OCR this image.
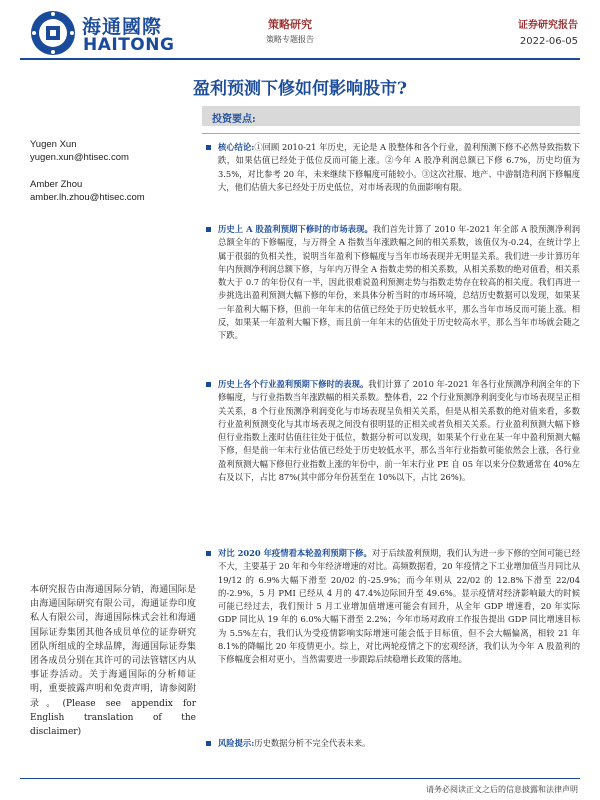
海通國際
HAITONG
策略研究
策略专题报告
证券研究报告
2022-06-05
盈利预测下修如何影响股市?
Yugen Xun
yugen.xun@htisec.com
Amber Zhou
amber.lh.zhou@htisec.com
投资要点:
核心结论:①回顾 2010-21 年历史，无论是 A 股整体和各个行业，盈利预测下修不必然导致指数下跌，如果估值已经处于低位反而可能上涨。②今年 A 股净利润总额已下修 6.7%，历史均值为 3.5%，对比参考 20 年，未来继续下修幅度可能较小。③这次社服、地产、中游制造利润下修幅度大，他们估值大多已经处于历史低位，对市场表现的负面影响有限。
历史上 A 股盈利预期下修时的市场表现。我们首先计算了 2010 年-2021 年全部 A 股预测净利润总额全年的下修幅度，与万得全 A 指数当年涨跌幅之间的相关系数，该值仅为-0.24，在统计学上属于很弱的负相关性，说明当年盈利下修幅度与当年市场表现并无明显关系。我们进一步计算历年年内预测净利润总额下修，与年内万得全 A 指数走势的相关系数，从相关系数的绝对值看，相关系数大于 0.7 的年份仅有一半，因此很难说盈利预测走势与指数走势存在较高的相关度。我们再进一步挑选出盈利预测大幅下修的年份，来具体分析当时的市场环境，总结历史数据可以发现，如果某一年盈利大幅下修，但前一年年末的估值已经处于历史较低水平，那么当年市场反而可能上涨。相反，如果某一年盈利大幅下修，而且前一年年末的估值处于历史较高水平，那么当年市场就会随之下跌。
历史上各个行业盈利预期下修时的表现。我们计算了 2010 年-2021 年各行业预测净利润全年的下修幅度，与行业指数当年涨跌幅的相关系数。整体看，22 个行业预测净利润变化与市场表现呈正相关关系，8 个行业预测净利润变化与市场表现呈负相关关系，但是从相关系数的绝对值来看，多数行业盈利预测变化与其市场表现之间没有很明显的正相关或者负相关关系。行业盈利预测大幅下修但行业指数上涨时估值往往处于低位，数据分析可以发现，如果某个行业在某一年中盈利预测大幅下修，但是前一年末行业估值已经处于历史较低水平，那么当年行业指数可能依然会上涨，各行业盈利预测大幅下修但行业指数上涨的年份中，前一年末行业 PE 自 05 年以来分位数通常在 40%左右及以下，占比 87%(其中部分年份甚至在 10%以下，占比 26%)。
对比 2020 年疫情看本轮盈利预期下修。对于后续盈利预期，我们认为进一步下修的空间可能已经不大，主要基于 20 年和今年经济增速的对比。高频数据看，20 年疫情之下工业增加值当月同比从 19/12 的 6.9%大幅下滑至 20/02 的-25.9%；而今年则从 22/02 的 12.8%下滑至 22/04 的-2.9%，5 月 PMI 已经从 4 月的 47.4%边际回升至 49.6%。显示疫情对经济影响最大的时候可能已经过去，我们预计 5 月工业增加值增速可能会有回升，从全年 GDP 增速看，20 年实际 GDP 同比从 19 年的 6.0%大幅下滑至 2.2%；今年市场对政府工作报告提出 GDP 同比增速目标为 5.5%左右，我们认为受疫情影响实际增速可能会低于目标值，但不会大幅偏离，相较 21 年 8.1%的降幅比 20 年疫情更小。综上，对比两轮疫情之下的宏观经济，我们认为今年 A 股盈利的下修幅度会相对更小，当然需要进一步跟踪后续稳增长政策的落地。
风险提示:历史数据分析不完全代表未来。
本研究报告由海通国际分销，海通国际是由海通国际研究有限公司，海通证券印度私人有限公司，海通国际株式会社和海通国际证券集团其他各成员单位的证券研究团队所组成的全球品牌，海通国际证券集团各成员分别在其许可的司法管辖区内从事证券活动。关于海通国际的分析师证明，重要披露声明和免责声明，请参阅附录。(Please see appendix for English translation of the disclaimer)
请务必阅读正文之后的信息披露和法律声明
